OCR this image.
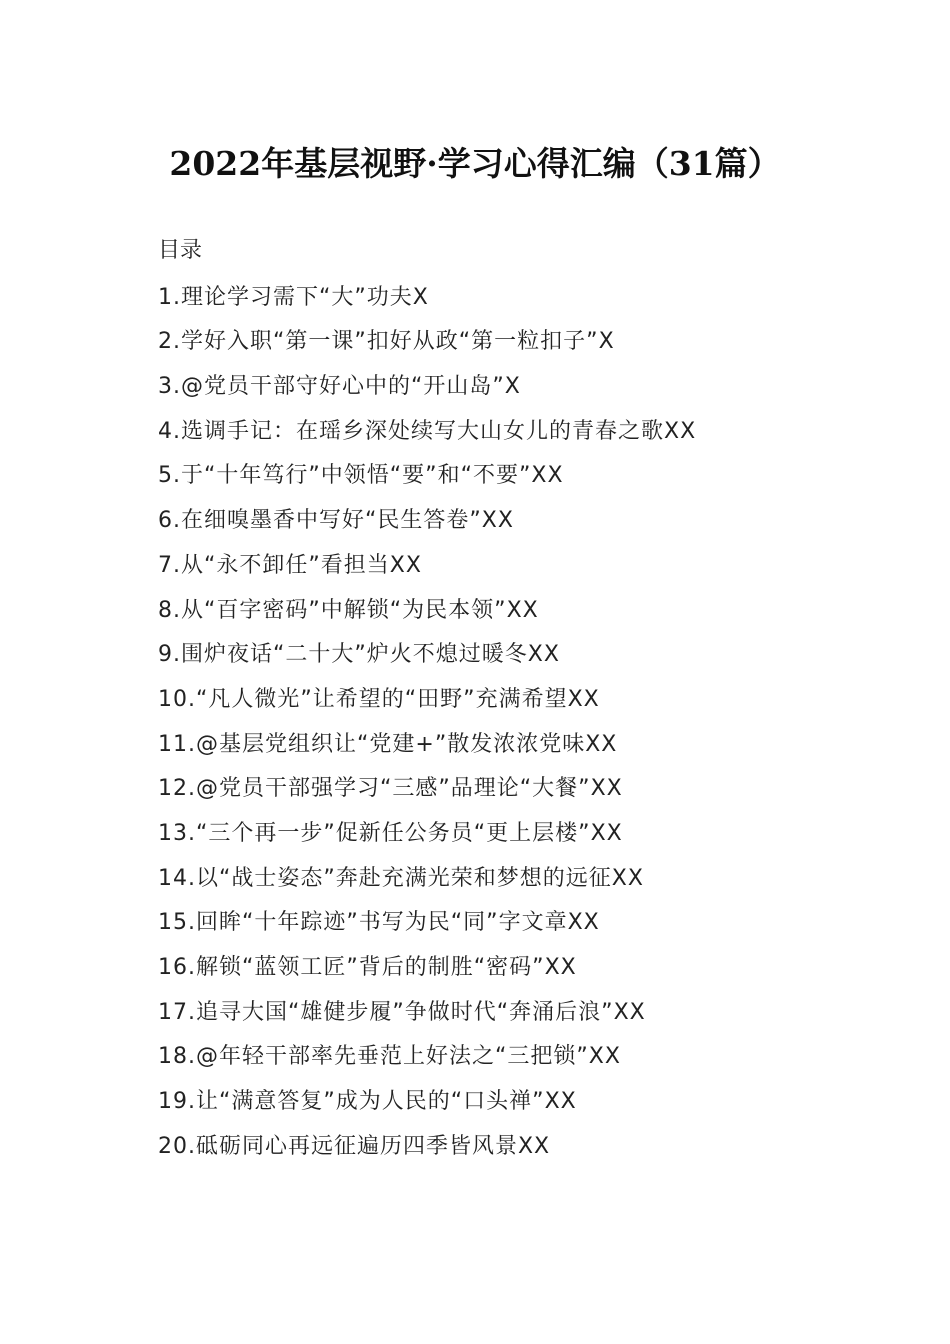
2022年基层视野·学习心得汇编（31篇）
目录
1.理论学习需下“大”功夫X
2.学好入职“第一课”扣好从政“第一粒扣子”X
3.@党员干部守好心中的“开山岛”X
4.选调手记：在瑶乡深处续写大山女儿的青春之歌XX
5.于“十年笃行”中领悟“要”和“不要”XX
6.在细嗅墨香中写好“民生答卷”XX
7.从“永不卸任”看担当XX
8.从“百字密码”中解锁“为民本领”XX
9.围炉夜话“二十大”炉火不熄过暖冬XX
10.“凡人微光”让希望的“田野”充满希望XX
11.@基层党组织让“党建+”散发浓浓党味XX
12.@党员干部强学习“三感”品理论“大餐”XX
13.“三个再一步”促新任公务员“更上层楼”XX
14.以“战士姿态”奔赴充满光荣和梦想的远征XX
15.回眸“十年踪迹”书写为民“同”字文章XX
16.解锁“蓝领工匠”背后的制胜“密码”XX
17.追寻大国“雄健步履”争做时代“奔涌后浪”XX
18.@年轻干部率先垂范上好法之“三把锁”XX
19.让“满意答复”成为人民的“口头禅”XX
20.砥砺同心再远征遍历四季皆风景XX
